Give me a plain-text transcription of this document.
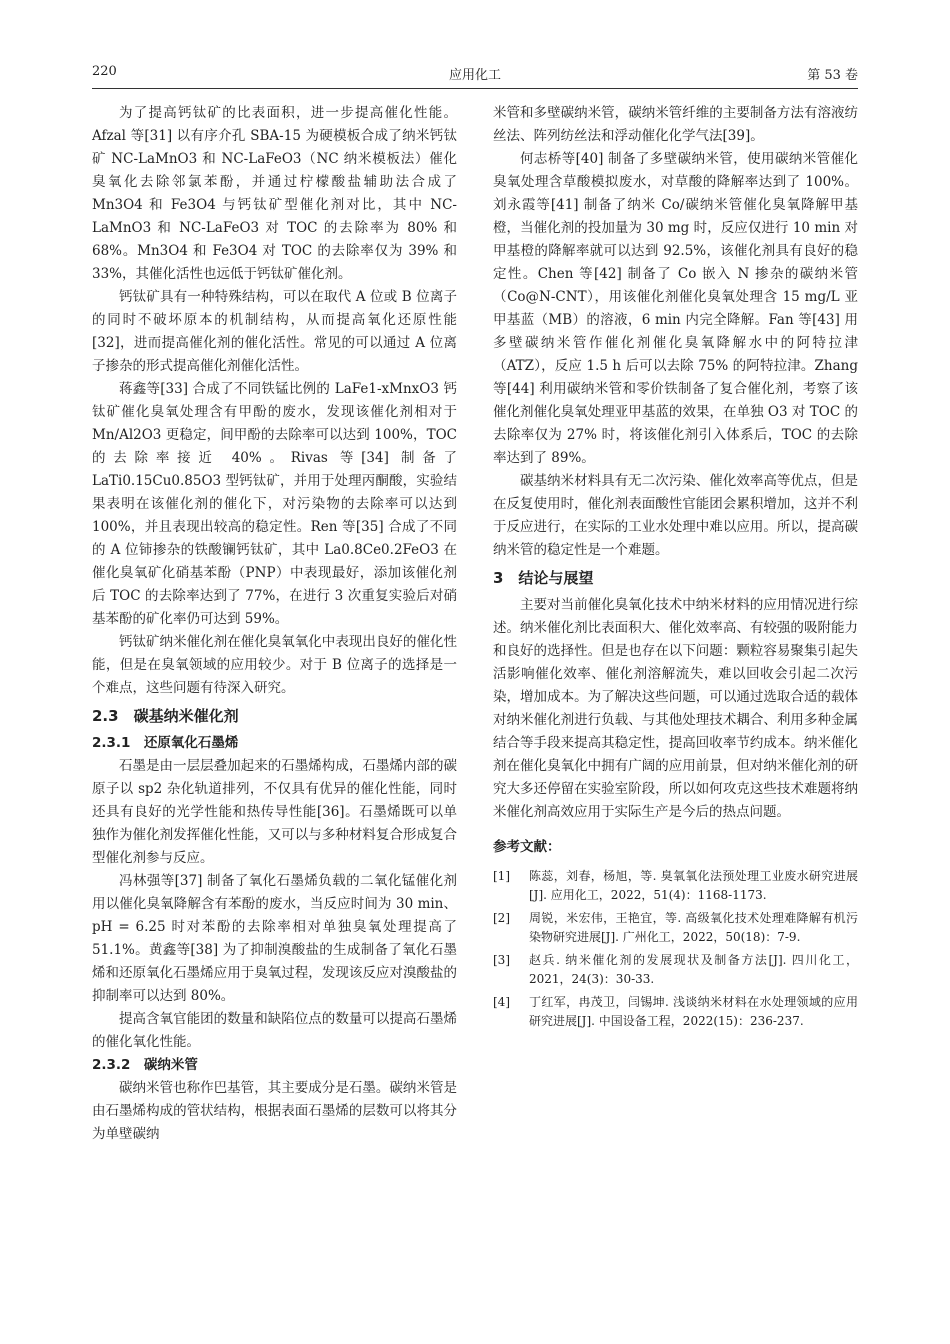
220	应用化工	第 53 卷

为了提高钙钛矿的比表面积，进一步提高催化性能。Afzal 等[31] 以有序介孔 SBA-15 为硬模板合成了纳米钙钛矿 NC-LaMnO3 和 NC-LaFeO3（NC 纳米模板法）催化臭氧化去除邻氯苯酚，并通过柠檬酸盐辅助法合成了 Mn3O4 和 Fe3O4 与钙钛矿型催化剂对比，其中 NC-LaMnO3 和 NC-LaFeO3 对 TOC 的去除率为 80% 和 68%。Mn3O4 和 Fe3O4 对 TOC 的去除率仅为 39% 和 33%，其催化活性也远低于钙钛矿催化剂。

钙钛矿具有一种特殊结构，可以在取代 A 位或 B 位离子的同时不破坏原本的机制结构，从而提高氧化还原性能[32]，进而提高催化剂的催化活性。常见的可以通过 A 位离子掺杂的形式提高催化剂催化活性。

蒋鑫等[33] 合成了不同铁锰比例的 LaFe1-xMnxO3 钙钛矿催化臭氧处理含有甲酚的废水，发现该催化剂相对于 Mn/Al2O3 更稳定，间甲酚的去除率可以达到 100%，TOC 的去除率接近 40%。Rivas 等[34] 制备了 LaTi0.15Cu0.85O3 型钙钛矿，并用于处理丙酮酸，实验结果表明在该催化剂的催化下，对污染物的去除率可以达到 100%，并且表现出较高的稳定性。Ren 等[35] 合成了不同的 A 位铈掺杂的铁酸镧钙钛矿，其中 La0.8Ce0.2FeO3 在催化臭氧矿化硝基苯酚（PNP）中表现最好，添加该催化剂后 TOC 的去除率达到了 77%，在进行 3 次重复实验后对硝基苯酚的矿化率仍可达到 59%。

钙钛矿纳米催化剂在催化臭氧氧化中表现出良好的催化性能，但是在臭氧领域的应用较少。对于 B 位离子的选择是一个难点，这些问题有待深入研究。

2.3　碳基纳米催化剂
2.3.1　还原氧化石墨烯

石墨是由一层层叠加起来的石墨烯构成，石墨烯内部的碳原子以 sp2 杂化轨道排列，不仅具有优异的催化性能，同时还具有良好的光学性能和热传导性能[36]。石墨烯既可以单独作为催化剂发挥催化性能，又可以与多种材料复合形成复合型催化剂参与反应。

冯林强等[37] 制备了氧化石墨烯负载的二氧化锰催化剂用以催化臭氧降解含有苯酚的废水，当反应时间为 30 min、pH = 6.25 时对苯酚的去除率相对单独臭氧处理提高了 51.1%。黄鑫等[38] 为了抑制溴酸盐的生成制备了氧化石墨烯和还原氧化石墨烯应用于臭氧过程，发现该反应对溴酸盐的抑制率可以达到 80%。

提高含氧官能团的数量和缺陷位点的数量可以提高石墨烯的催化氧化性能。

2.3.2　碳纳米管

碳纳米管也称作巴基管，其主要成分是石墨。碳纳米管是由石墨烯构成的管状结构，根据表面石墨烯的层数可以将其分为单壁碳纳

米管和多壁碳纳米管，碳纳米管纤维的主要制备方法有溶液纺丝法、阵列纺丝法和浮动催化化学气法[39]。

何志桥等[40] 制备了多壁碳纳米管，使用碳纳米管催化臭氧处理含草酸模拟废水，对草酸的降解率达到了 100%。刘永霞等[41] 制备了纳米 Co/碳纳米管催化臭氧降解甲基橙，当催化剂的投加量为 30 mg 时，反应仅进行 10 min 对甲基橙的降解率就可以达到 92.5%，该催化剂具有良好的稳定性。Chen 等[42] 制备了 Co 嵌入 N 掺杂的碳纳米管（Co@N-CNT），用该催化剂催化臭氧处理含 15 mg/L 亚甲基蓝（MB）的溶液，6 min 内完全降解。Fan 等[43] 用多壁碳纳米管作催化剂催化臭氧降解水中的阿特拉津（ATZ），反应 1.5 h 后可以去除 75% 的阿特拉津。Zhang 等[44] 利用碳纳米管和零价铁制备了复合催化剂，考察了该催化剂催化臭氧处理亚甲基蓝的效果，在单独 O3 对 TOC 的去除率仅为 27% 时，将该催化剂引入体系后，TOC 的去除率达到了 89%。

碳基纳米材料具有无二次污染、催化效率高等优点，但是在反复使用时，催化剂表面酸性官能团会累积增加，这并不利于反应进行，在实际的工业水处理中难以应用。所以，提高碳纳米管的稳定性是一个难题。

3　结论与展望

主要对当前催化臭氧化技术中纳米材料的应用情况进行综述。纳米催化剂比表面积大、催化效率高、有较强的吸附能力和良好的选择性。但是也存在以下问题：颗粒容易聚集引起失活影响催化效率、催化剂溶解流失，难以回收会引起二次污染，增加成本。为了解决这些问题，可以通过选取合适的载体对纳米催化剂进行负载、与其他处理技术耦合、利用多种金属结合等手段来提高其稳定性，提高回收率节约成本。纳米催化剂在催化臭氧化中拥有广阔的应用前景，但对纳米催化剂的研究大多还停留在实验室阶段，所以如何攻克这些技术难题将纳米催化剂高效应用于实际生产是今后的热点问题。

参考文献：
[1]	陈蕊，刘春，杨旭，等. 臭氧氧化法预处理工业废水研究进展[J]. 应用化工，2022，51(4)：1168-1173.
[2]	周锐，米宏伟，王艳宜，等. 高级氧化技术处理难降解有机污染物研究进展[J]. 广州化工，2022，50(18)：7-9.
[3]	赵兵. 纳米催化剂的发展现状及制备方法[J]. 四川化工，2021，24(3)：30-33.
[4]	丁红军，冉茂卫，闫锡坤. 浅谈纳米材料在水处理领域的应用研究进展[J]. 中国设备工程，2022(15)：236-237.
